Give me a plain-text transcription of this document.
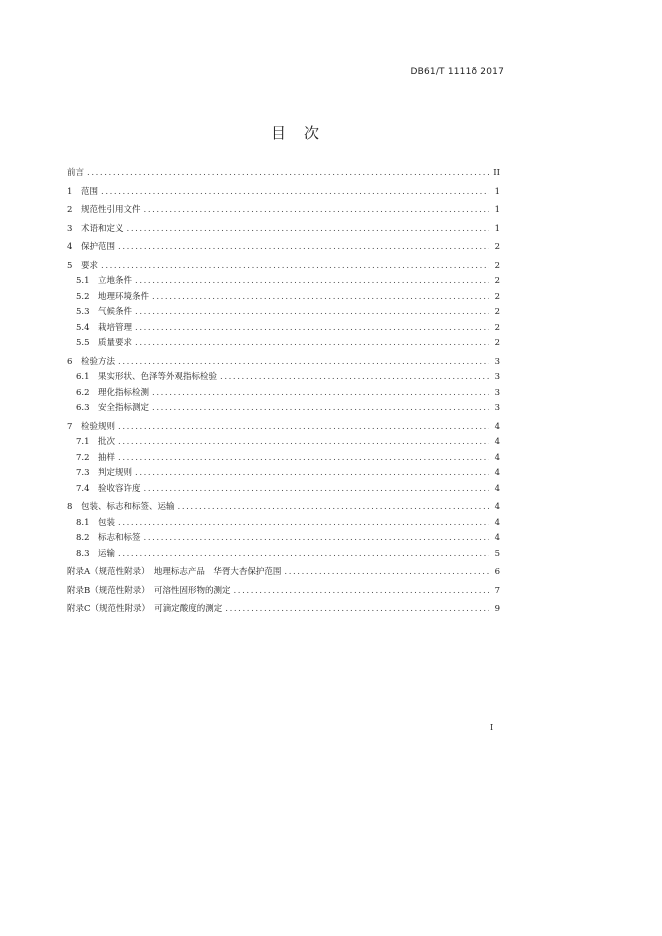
DB61/T 1111ð 2017
目次
前言 .....	II
1	范围 .....	1
2	规范性引用文件 .....	1
3	术语和定义 .....	1
4	保护范围 .....	2
5	要求 .....	2
5.1 立地条件 .....	2
5.2 地理环境条件 .....	2
5.3 气候条件 .....	2
5.4 栽培管理 .....	2
5.5 质量要求 .....	2
6	检验方法 .....	3
6.1 果实形状、色泽等外观指标检验 .....	3
6.2 理化指标检测 .....	3
6.3 安全指标测定 .....	3
7	检验规则 .....	4
7.1 批次 .....	4
7.2 抽样 .....	4
7.3 判定规则 .....	4
7.4 验收容许度 .....	4
8	包装、标志和标签、运输 .....	4
8.1 包装 .....	4
8.2 标志和标签 .....	4
8.3 运输 .....	5
附录A（规范性附录）　地理标志产品　华胥大杏保护范围 .....	6
附录B（规范性附录）　可溶性固形物的测定 .....	7
附录C（规范性附录）　可滴定酸度的测定 .....	9
I
